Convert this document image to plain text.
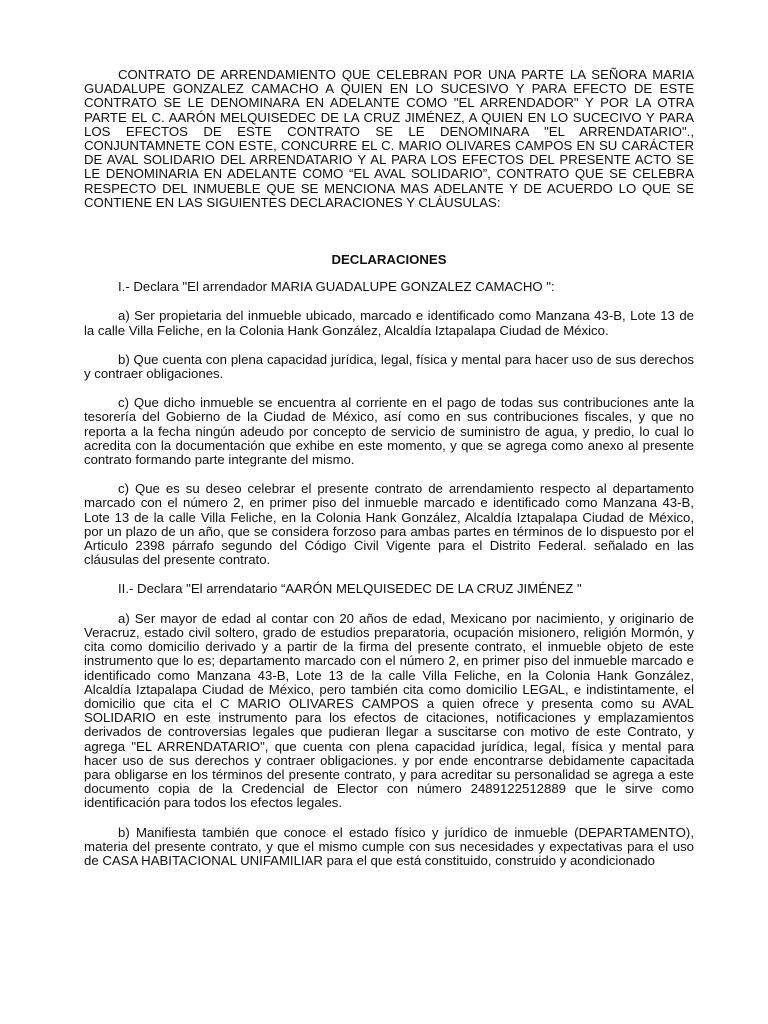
CONTRATO DE ARRENDAMIENTO QUE CELEBRAN POR UNA PARTE LA SEÑORA MARIA GUADALUPE GONZALEZ CAMACHO A QUIEN EN LO SUCESIVO Y PARA EFECTO DE ESTE CONTRATO SE LE DENOMINARA EN ADELANTE COMO "EL ARRENDADOR" Y POR LA OTRA PARTE EL C. AARÓN MELQUISEDEC DE LA CRUZ JIMÉNEZ, A QUIEN EN LO SUCECIVO Y PARA LOS EFECTOS DE ESTE CONTRATO SE LE DENOMINARA "EL ARRENDATARIO"., CONJUNTAMNETE CON ESTE, CONCURRE EL C. MARIO OLIVARES CAMPOS EN SU CARÁCTER DE AVAL SOLIDARIO DEL ARRENDATARIO Y AL PARA LOS EFECTOS DEL PRESENTE ACTO SE LE DENOMINARIA EN ADELANTE COMO “EL AVAL SOLIDARIO”, CONTRATO QUE SE CELEBRA RESPECTO DEL INMUEBLE QUE SE MENCIONA MAS ADELANTE Y DE ACUERDO LO QUE SE CONTIENE EN LAS SIGUIENTES DECLARACIONES Y CLÁUSULAS:

DECLARACIONES

I.- Declara "El arrendador MARIA GUADALUPE GONZALEZ CAMACHO ":

a) Ser propietaria del inmueble ubicado, marcado e identificado como Manzana 43-B, Lote 13 de la calle Villa Feliche, en la Colonia Hank González, Alcaldía Iztapalapa Ciudad de México.

b) Que cuenta con plena capacidad jurídica, legal, física y mental para hacer uso de sus derechos y contraer obligaciones.

c) Que dicho inmueble se encuentra al corriente en el pago de todas sus contribuciones ante la tesorería del Gobierno de la Ciudad de México, así como en sus contribuciones fiscales, y que no reporta a la fecha ningún adeudo por concepto de servicio de suministro de agua, y predio, lo cual lo acredita con la documentación que exhibe en este momento, y que se agrega como anexo al presente contrato formando parte integrante del mismo.

c) Que es su deseo celebrar el presente contrato de arrendamiento respecto al departamento marcado con el número 2, en primer piso del inmueble marcado e identificado como Manzana 43-B, Lote 13 de la calle Villa Feliche, en la Colonia Hank González, Alcaldía Iztapalapa Ciudad de México, por un plazo de un año, que se considera forzoso para ambas partes en términos de lo dispuesto por el Articulo 2398 párrafo segundo del Código Civil Vigente para el Distrito Federal. señalado en las cláusulas del presente contrato.

II.- Declara "El arrendatario “AARÓN MELQUISEDEC DE LA CRUZ JIMÉNEZ "

a) Ser mayor de edad al contar con 20 años de edad, Mexicano por nacimiento, y originario de Veracruz, estado civil soltero, grado de estudios preparatoria, ocupación misionero, religión Mormón, y cita como domicilio derivado y a partir de la firma del presente contrato, el inmueble objeto de este instrumento que lo es; departamento marcado con el número 2, en primer piso del inmueble marcado e identificado como Manzana 43-B, Lote 13 de la calle Villa Feliche, en la Colonia Hank González, Alcaldía Iztapalapa Ciudad de México, pero también cita como domicilio LEGAL, e indistintamente, el domicilio que cita el C MARIO OLIVARES CAMPOS a quien ofrece y presenta como su AVAL SOLIDARIO en este instrumento para los efectos de citaciones, notificaciones y emplazamientos derivados de controversias legales que pudieran llegar a suscitarse con motivo de este Contrato, y agrega "EL ARRENDATARIO", que cuenta con plena capacidad jurídica, legal, física y mental para hacer uso de sus derechos y contraer obligaciones. y por ende encontrarse debidamente capacitada para obligarse en los términos del presente contrato, y para acreditar su personalidad se agrega a este documento copia de la Credencial de Elector con número 2489122512889 que le sirve como identificación para todos los efectos legales.

b) Manifiesta también que conoce el estado físico y jurídico de inmueble (DEPARTAMENTO), materia del presente contrato, y que el mismo cumple con sus necesidades y expectativas para el uso de CASA HABITACIONAL UNIFAMILIAR para el que está constituido, construido y acondicionado
